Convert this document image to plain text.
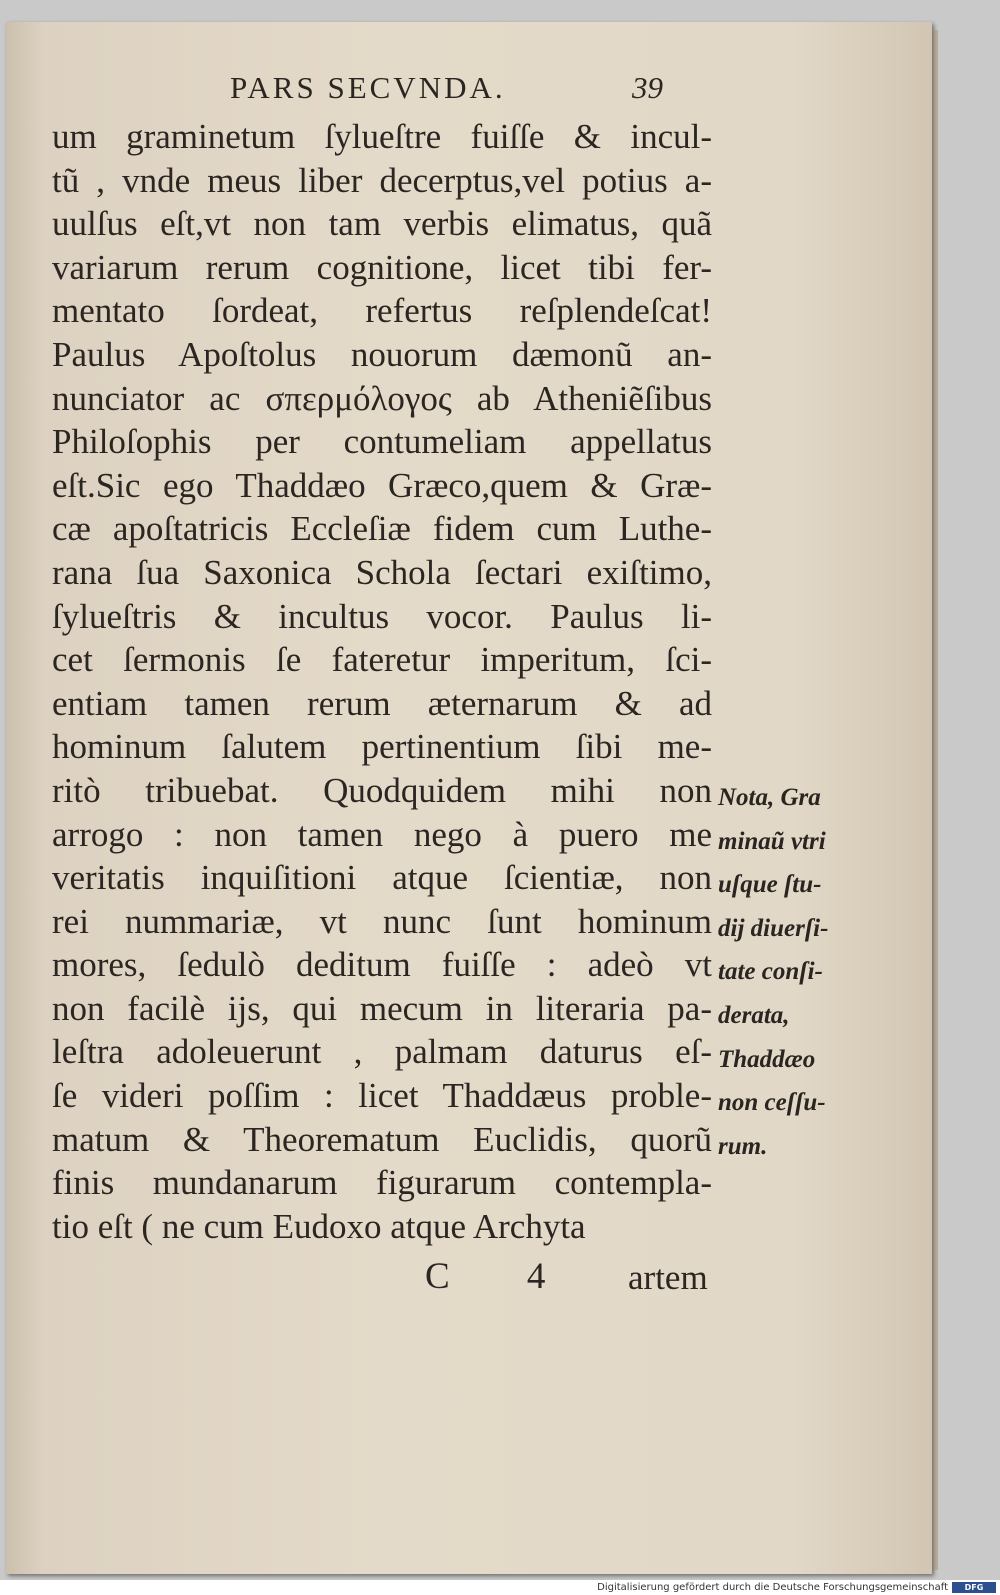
PARS SECVNDA.	39
um graminetum ſylueſtre fuiſſe & incul-
tũ , vnde meus liber decerptus,vel potius a-
uulſus eſt,vt non tam verbis elimatus, quã
variarum rerum cognitione, licet tibi fer-
mentato ſordeat, refertus reſplendeſcat!
Paulus Apoſtolus nouorum dæmonũ an-
nunciator ac σπερμόλογος ab Atheniẽſibus
Philoſophis per contumeliam appellatus
eſt.Sic ego Thaddæo Græco,quem & Græ-
cæ apoſtatricis Eccleſiæ fidem cum Luthe-
rana ſua Saxonica Schola ſectari exiſtimo,
ſylueſtris & incultus vocor. Paulus li-
cet ſermonis ſe fateretur imperitum, ſci-
entiam tamen rerum æternarum & ad
hominum ſalutem pertinentium ſibi me-
ritò tribuebat. Quodquidem mihi non
arrogo : non tamen nego à puero me
veritatis inquiſitioni atque ſcientiæ, non
rei nummariæ, vt nunc ſunt hominum
mores, ſedulò deditum fuiſſe : adeò vt
non facilè ijs, qui mecum in literaria pa-
leſtra adoleuerunt , palmam daturus eſ-
ſe videri poſſim : licet Thaddæus proble-
matum & Theorematum Euclidis, quorũ
finis mundanarum figurarum contempla-
tio eſt ( ne cum Eudoxo atque Archyta
Nota, Gra
minaũ vtri
uſque ſtu-
dij diuerſi-
tate conſi-
derata,
Thaddæo
non ceſſu-
rum.
C 4 artem
Digitalisierung gefördert durch die Deutsche Forschungsgemeinschaft	DFG
